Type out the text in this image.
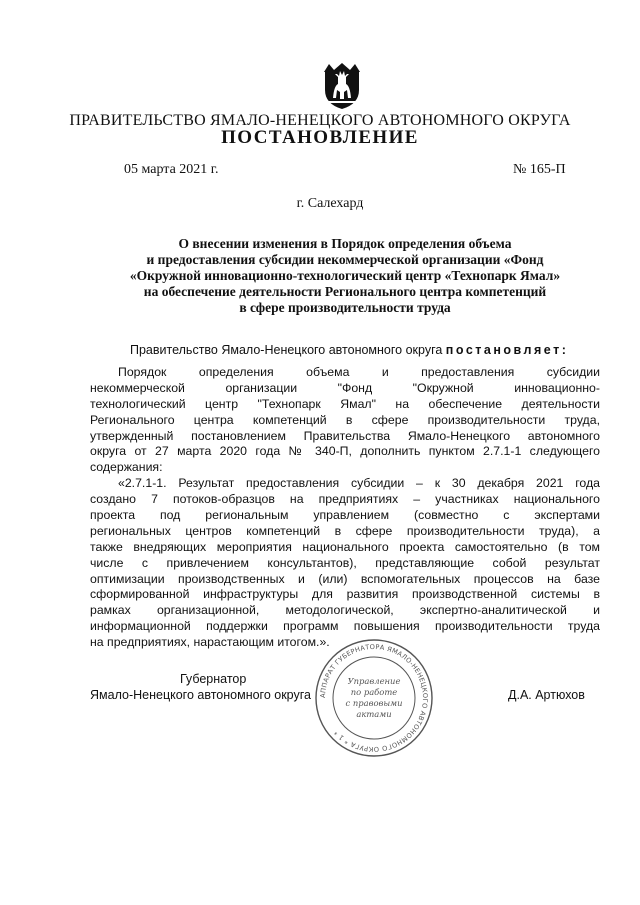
ПРАВИТЕЛЬСТВО ЯМАЛО-НЕНЕЦКОГО АВТОНОМНОГО ОКРУГА
ПОСТАНОВЛЕНИЕ
05 марта 2021 г.	№ 165-П
г. Салехард
О внесении изменения в Порядок определения объема
и предоставления субсидии некоммерческой организации «Фонд
«Окружной инновационно-технологический центр «Технопарк Ямал»
на обеспечение деятельности Регионального центра компетенций
в сфере производительности труда
Правительство Ямало-Ненецкого автономного округа постановляет:
Порядок определения объема и предоставления субсидии
некоммерческой организации "Фонд "Окружной инновационно-
технологический центр "Технопарк Ямал" на обеспечение деятельности
Регионального центра компетенций в сфере производительности труда,
утвержденный постановлением Правительства Ямало-Ненецкого автономного
округа от 27 марта 2020 года № 340-П, дополнить пунктом 2.7.1-1 следующего
содержания:
«2.7.1-1. Результат предоставления субсидии – к 30 декабря 2021 года
создано 7 потоков-образцов на предприятиях – участниках национального
проекта под региональным управлением (совместно с экспертами
региональных центров компетенций в сфере производительности труда), а
также внедряющих мероприятия национального проекта самостоятельно (в том
числе с привлечением консультантов), представляющие собой результат
оптимизации производственных и (или) вспомогательных процессов на базе
сформированной инфраструктуры для развития производственной системы в
рамках организационной, методологической, экспертно-аналитической и
информационной поддержки программ повышения производительности труда
на предприятиях, нарастающим итогом.».
Губернатор
Ямало-Ненецкого автономного округа	Д.А. Артюхов
АППАРАТ ГУБЕРНАТОРА ЯМАЛО-НЕНЕЦКОГО АВТОНОМНОГО ОКРУГА * 1 *
Управление
по работе
с правовыми
актами
